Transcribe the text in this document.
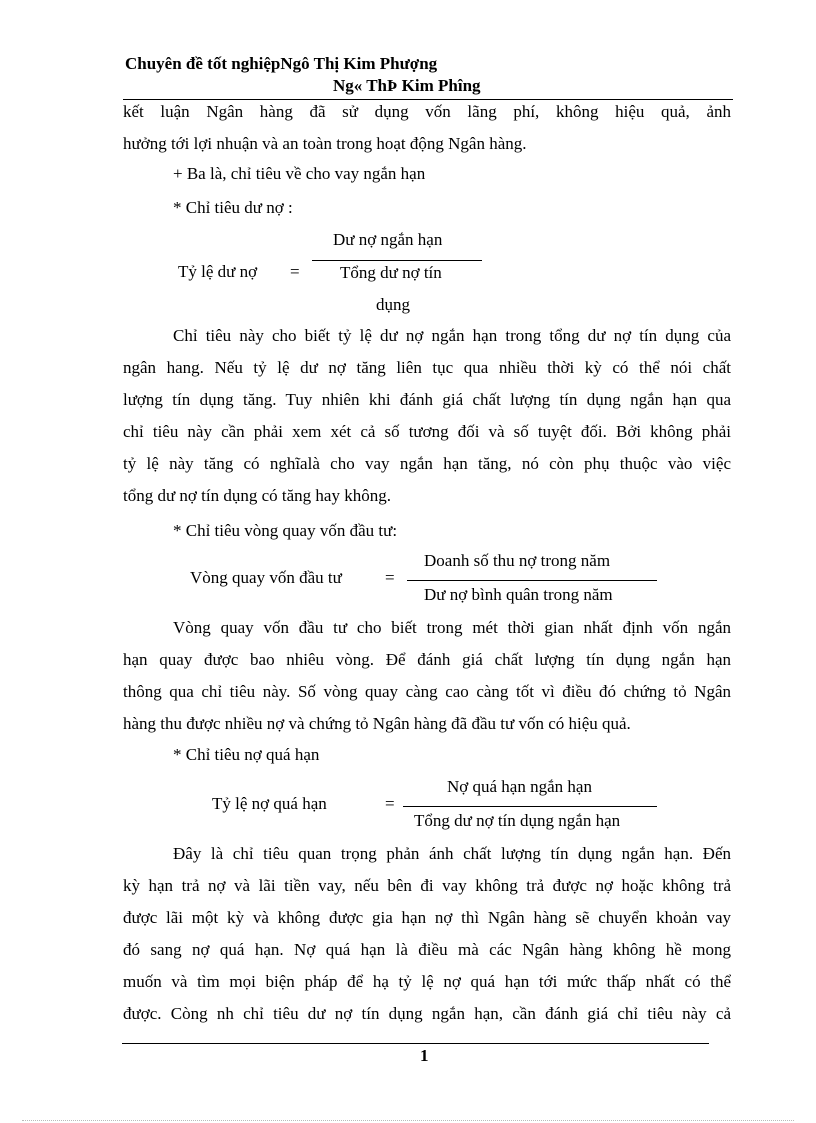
Chuyên đề tốt nghiệpNgô Thị Kim Phượng
Ng« ThÞ Kim Phîng
kết luận Ngân hàng đã sử dụng vốn lãng phí, không hiệu quả, ảnh
hưởng tới lợi nhuận và an toàn trong hoạt động Ngân hàng.
+ Ba là, chỉ tiêu về cho vay ngắn hạn
* Chỉ tiêu dư nợ :
Tỷ lệ dư nợ =
Dư nợ ngắn hạn
Tổng dư nợ tín
dụng
Chỉ tiêu này cho biết tỷ lệ dư nợ ngắn hạn trong tổng dư nợ tín dụng của
ngân hang. Nếu tỷ lệ dư nợ tăng liên tục qua nhiều thời kỳ có thể nói chất
lượng tín dụng tăng. Tuy nhiên khi đánh giá chất lượng tín dụng ngắn hạn qua
chỉ tiêu này cần phải xem xét cả số tương đối và số tuyệt đối. Bởi không phải
tỷ lệ này tăng có nghĩalà cho vay ngắn hạn tăng, nó còn phụ thuộc vào việc
tổng dư nợ tín dụng có tăng hay không.
* Chỉ tiêu vòng quay vốn đầu tư:
Vòng quay vốn đầu tư	=
Doanh số thu nợ trong năm
Dư nợ bình quân trong năm
Vòng quay vốn đầu tư cho biết trong mét thời gian nhất định vốn ngắn
hạn quay được bao nhiêu vòng. Để đánh giá chất lượng tín dụng ngắn hạn
thông qua chỉ tiêu này. Số vòng quay càng cao càng tốt vì điều đó chứng tỏ Ngân
hàng thu được nhiều nợ và chứng tỏ Ngân hàng đã đầu tư vốn có hiệu quả.
* Chỉ tiêu nợ quá hạn
Tỷ lệ nợ quá hạn	=
Nợ quá hạn ngắn hạn
Tổng dư nợ tín dụng ngắn hạn
Đây là chỉ tiêu quan trọng phản ánh chất lượng tín dụng ngắn hạn. Đến
kỳ hạn trả nợ và lãi tiền vay, nếu bên đi vay không trả được nợ hoặc không trả
được lãi một kỳ và không được gia hạn nợ thì Ngân hàng sẽ chuyển khoản vay
đó sang nợ quá hạn. Nợ quá hạn là điều mà các Ngân hàng không hề mong
muốn và tìm mọi biện pháp để hạ tỷ lệ nợ quá hạn tới mức thấp nhất có thể
được. Còng nh chỉ tiêu dư nợ tín dụng ngắn hạn, cần đánh giá chỉ tiêu này cả
1
